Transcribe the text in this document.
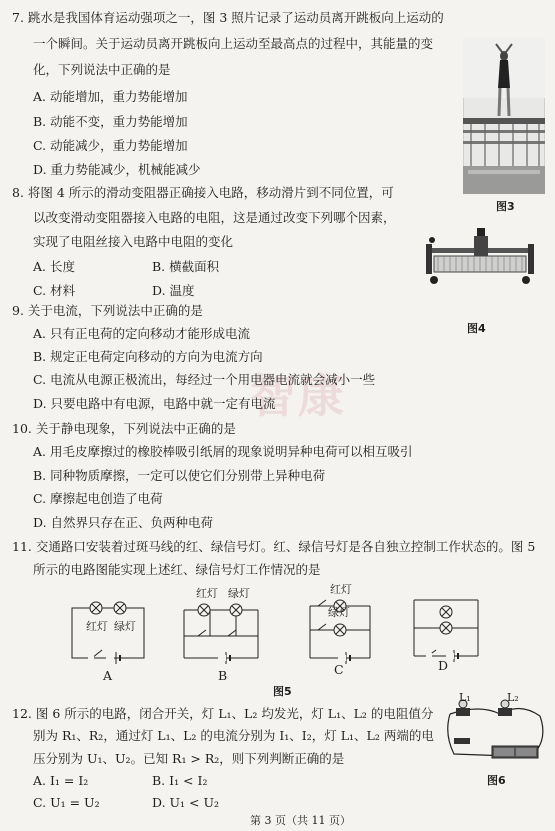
智康
7. 跳水是我国体育运动强项之一，图 3 照片记录了运动员离开跳板向上运动的
一个瞬间。关于运动员离开跳板向上运动至最高点的过程中，其能量的变
化，下列说法中正确的是
A. 动能增加，重力势能增加
B. 动能不变，重力势能增加
C. 动能减少，重力势能增加
D. 重力势能减少，机械能减少
图3
8. 将图 4 所示的滑动变阻器正确接入电路，移动滑片到不同位置，可
以改变滑动变阻器接入电路的电阻，这是通过改变下列哪个因素，
实现了电阻丝接入电路中电阻的变化
A. 长度	B. 横截面积
C. 材料	D. 温度
图4
9. 关于电流，下列说法中正确的是
A. 只有正电荷的定向移动才能形成电流
B. 规定正电荷定向移动的方向为电流方向
C. 电流从电源正极流出，每经过一个用电器电流就会减小一些
D. 只要电路中有电源，电路中就一定有电流
10. 关于静电现象，下列说法中正确的是
A. 用毛皮摩擦过的橡胶棒吸引纸屑的现象说明异种电荷可以相互吸引
B. 同种物质摩擦，一定可以使它们分别带上异种电荷
C. 摩擦起电创造了电荷
D. 自然界只存在正、负两种电荷
11. 交通路口安装着过斑马线的红、绿信号灯。红、绿信号灯是各自独立控制工作状态的。图 5
所示的电路图能实现上述红、绿信号灯工作情况的是
红灯 绿灯
A
红灯 绿灯
B
红灯
绿灯
C	D
图5
12. 图 6 所示的电路，闭合开关，灯 L₁、L₂ 均发光，灯 L₁、L₂ 的电阻值分
别为 R₁、R₂，通过灯 L₁、L₂ 的电流分别为 I₁、I₂，灯 L₁、L₂ 两端的电
压分别为 U₁、U₂。已知 R₁ > R₂，则下列判断正确的是
A. I₁ = I₂	B. I₁ < I₂
C. U₁ = U₂	D. U₁ < U₂
L₁	L₂
图6
第 3 页（共 11 页）
